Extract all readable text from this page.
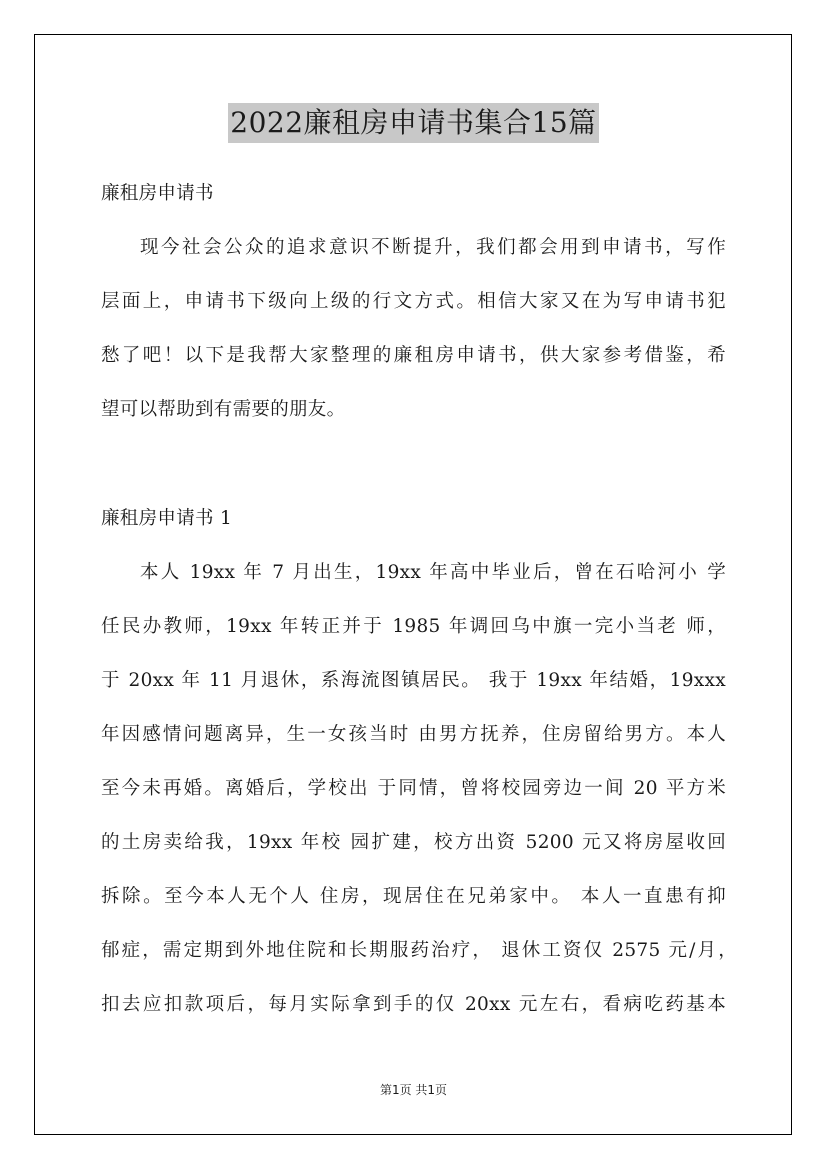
2022廉租房申请书集合15篇
廉租房申请书
现今社会公众的追求意识不断提升，我们都会用到申请书，写作
层面上，申请书下级向上级的行文方式。相信大家又在为写申请书犯
愁了吧！以下是我帮大家整理的廉租房申请书，供大家参考借鉴，希
望可以帮助到有需要的朋友。
廉租房申请书 1
本人 19xx 年 7 月出生，19xx 年高中毕业后，曾在石哈河小 学
任民办教师，19xx 年转正并于 1985 年调回乌中旗一完小当老 师，
于 20xx 年 11 月退休，系海流图镇居民。 我于 19xx 年结婚，19xxx
年因感情问题离异，生一女孩当时 由男方抚养，住房留给男方。本人
至今未再婚。离婚后，学校出 于同情，曾将校园旁边一间 20 平方米
的土房卖给我，19xx 年校 园扩建，校方出资 5200 元又将房屋收回
拆除。至今本人无个人 住房，现居住在兄弟家中。 本人一直患有抑
郁症，需定期到外地住院和长期服药治疗， 退休工资仅 2575 元/月，
扣去应扣款项后，每月实际拿到手的仅 20xx 元左右，看病吃药基本
第1页 共1页
